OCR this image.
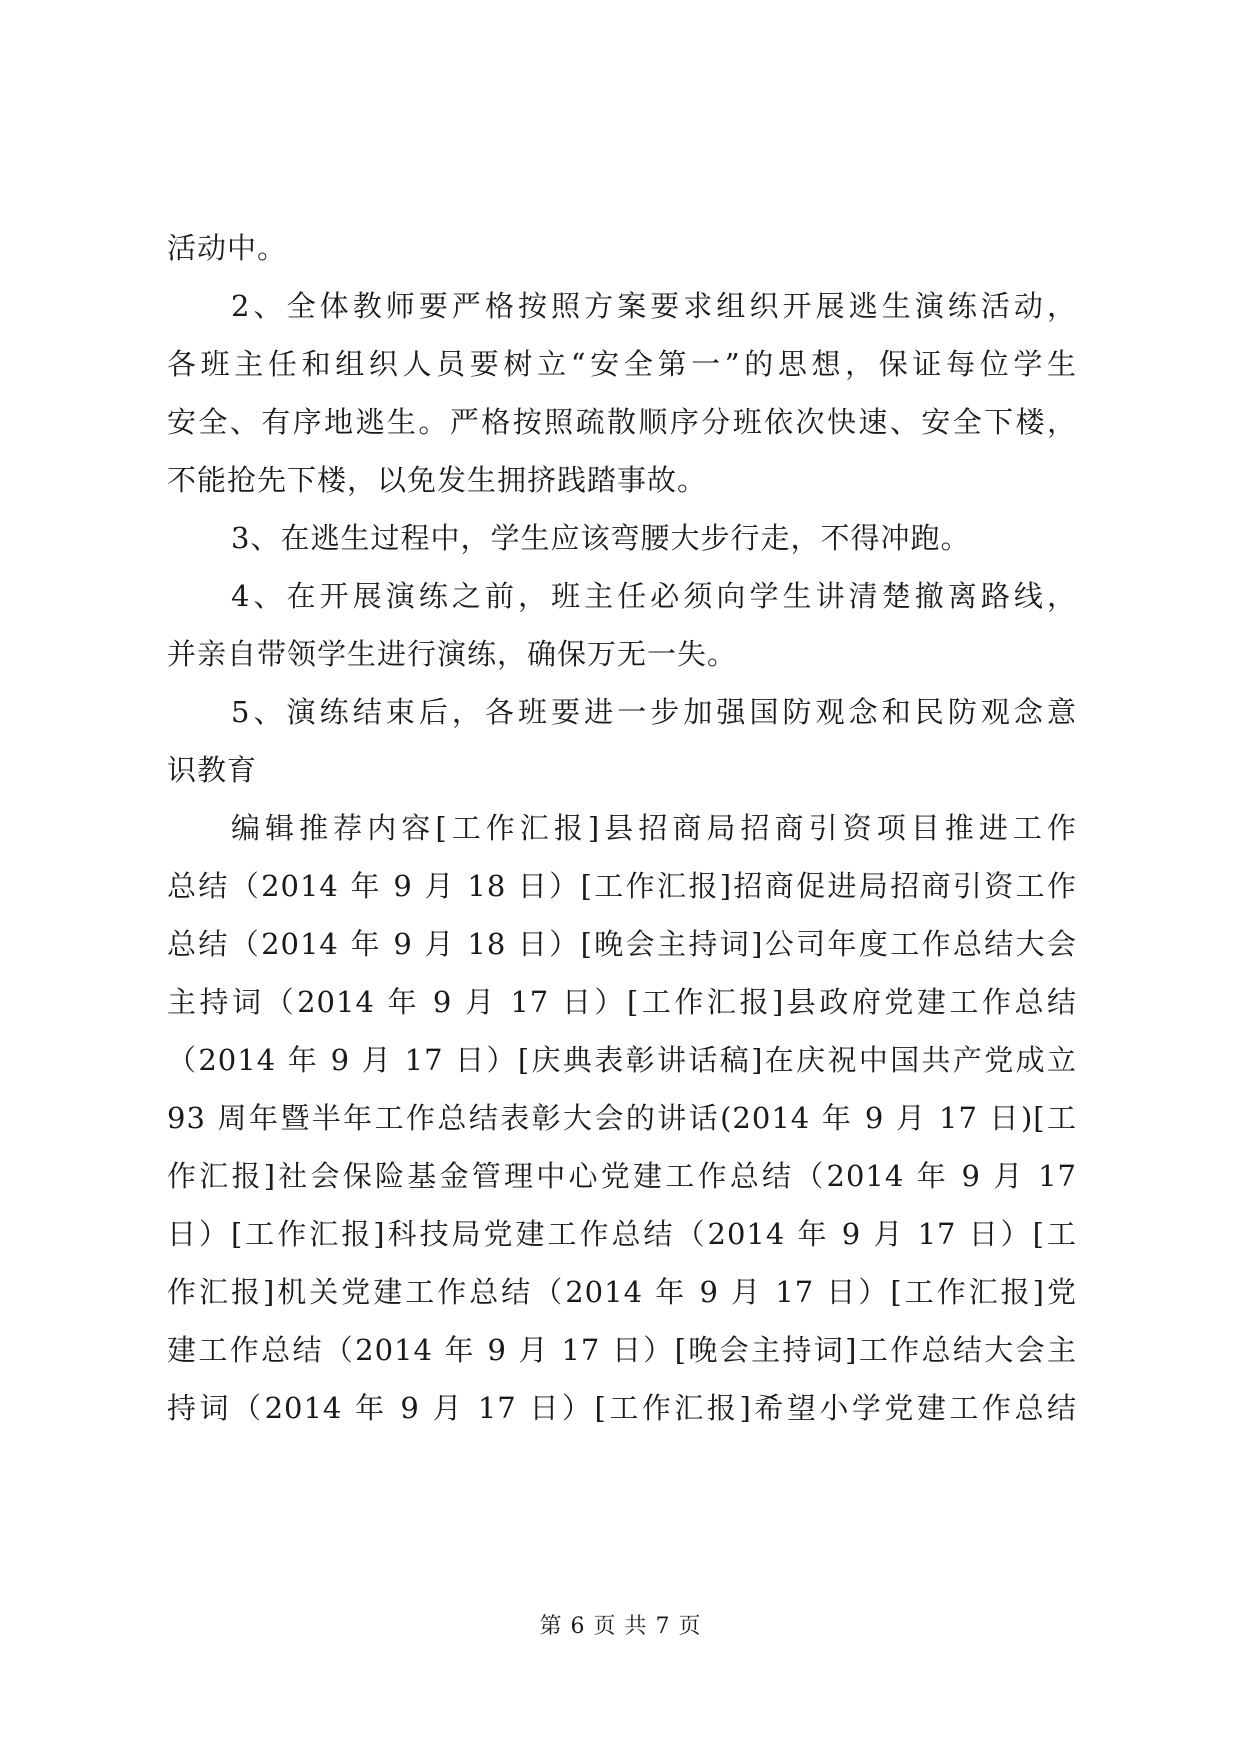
活动中。
2、全体教师要严格按照方案要求组织开展逃生演练活动，
各班主任和组织人员要树立“安全第一”的思想，保证每位学生
安全、有序地逃生。严格按照疏散顺序分班依次快速、安全下楼，
不能抢先下楼，以免发生拥挤践踏事故。
3、在逃生过程中，学生应该弯腰大步行走，不得冲跑。
4、在开展演练之前，班主任必须向学生讲清楚撤离路线，
并亲自带领学生进行演练，确保万无一失。
5、演练结束后，各班要进一步加强国防观念和民防观念意
识教育
编辑推荐内容[工作汇报]县招商局招商引资项目推进工作
总结（2014 年 9 月 18 日）[工作汇报]招商促进局招商引资工作
总结（2014 年 9 月 18 日）[晚会主持词]公司年度工作总结大会
主持词（2014 年 9 月 17 日）[工作汇报]县政府党建工作总结
（2014 年 9 月 17 日）[庆典表彰讲话稿]在庆祝中国共产党成立
93 周年暨半年工作总结表彰大会的讲话(2014 年 9 月 17 日)[工
作汇报]社会保险基金管理中心党建工作总结（2014 年 9 月 17
日）[工作汇报]科技局党建工作总结（2014 年 9 月 17 日）[工
作汇报]机关党建工作总结（2014 年 9 月 17 日）[工作汇报]党
建工作总结（2014 年 9 月 17 日）[晚会主持词]工作总结大会主
持词（2014 年 9 月 17 日）[工作汇报]希望小学党建工作总结
第 6 页 共 7 页
